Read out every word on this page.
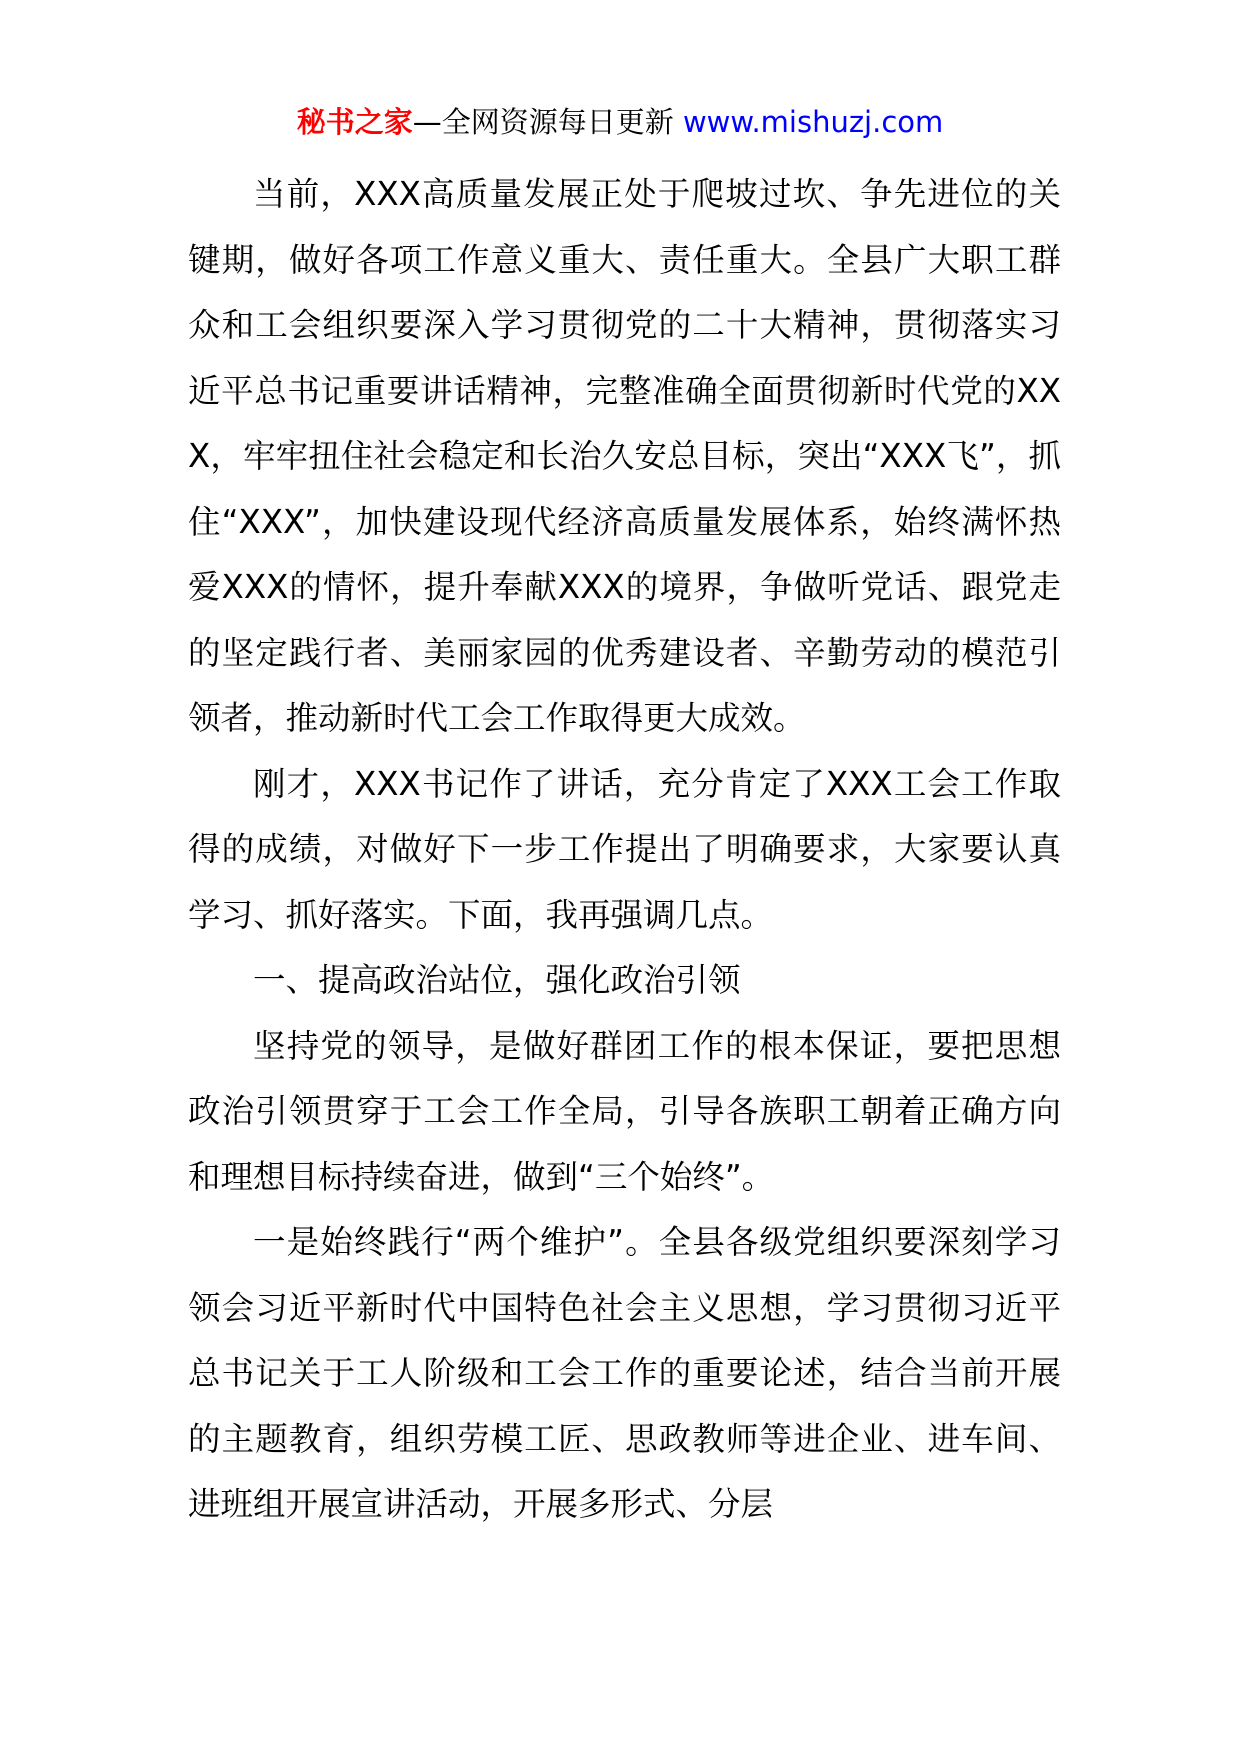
秘书之家—全网资源每日更新 www.mishuzj.com

当前，XXX高质量发展正处于爬坡过坎、争先进位的关键期，做好各项工作意义重大、责任重大。全县广大职工群众和工会组织要深入学习贯彻党的二十大精神，贯彻落实习近平总书记重要讲话精神，完整准确全面贯彻新时代党的XXX，牢牢扭住社会稳定和长治久安总目标，突出“XXX飞”，抓住“XXX”，加快建设现代经济高质量发展体系，始终满怀热爱XXX的情怀，提升奉献XXX的境界，争做听党话、跟党走的坚定践行者、美丽家园的优秀建设者、辛勤劳动的模范引领者，推动新时代工会工作取得更大成效。

刚才，XXX书记作了讲话，充分肯定了XXX工会工作取得的成绩，对做好下一步工作提出了明确要求，大家要认真学习、抓好落实。下面，我再强调几点。

一、提高政治站位，强化政治引领

坚持党的领导，是做好群团工作的根本保证，要把思想政治引领贯穿于工会工作全局，引导各族职工朝着正确方向和理想目标持续奋进，做到“三个始终”。

一是始终践行“两个维护”。全县各级党组织要深刻学习领会习近平新时代中国特色社会主义思想，学习贯彻习近平总书记关于工人阶级和工会工作的重要论述，结合当前开展的主题教育，组织劳模工匠、思政教师等进企业、进车间、进班组开展宣讲活动，开展多形式、分层
